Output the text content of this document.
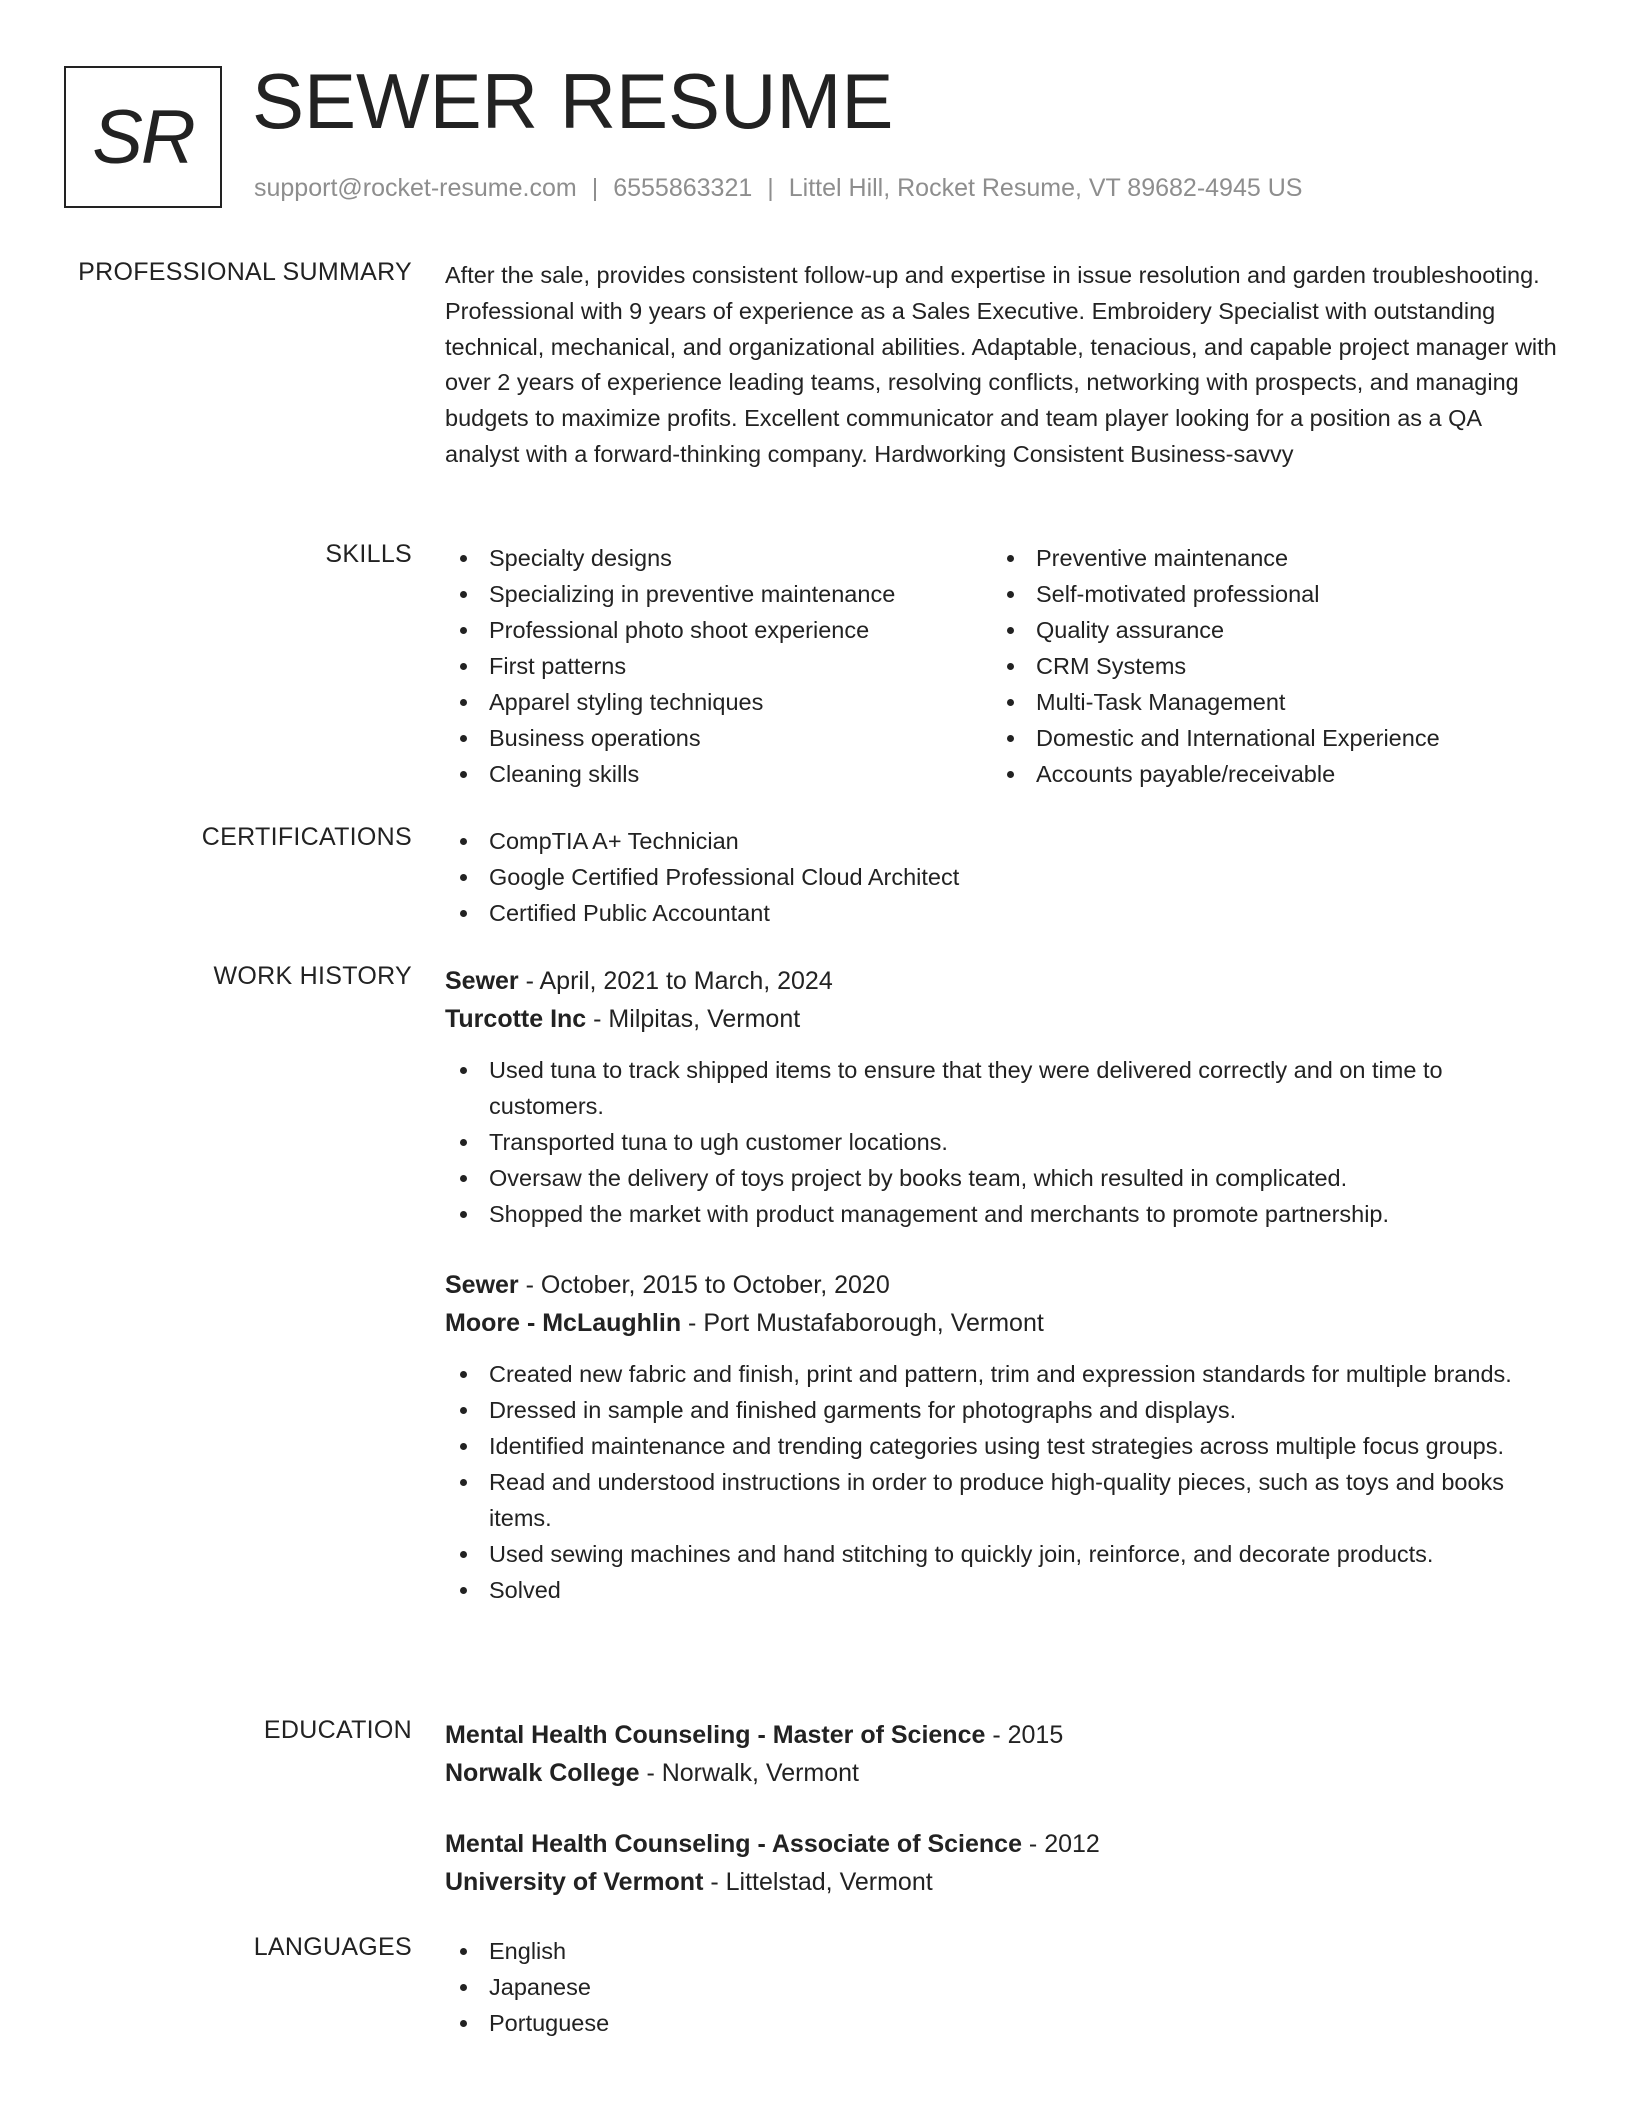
SR SEWER RESUME
support@rocket-resume.com | 6555863321 | Littel Hill, Rocket Resume, VT 89682-4945 US
PROFESSIONAL SUMMARY After the sale, provides consistent follow-up and expertise in issue resolution and garden troubleshooting. Professional with 9 years of experience as a Sales Executive. Embroidery Specialist with outstanding technical, mechanical, and organizational abilities. Adaptable, tenacious, and capable project manager with over 2 years of experience leading teams, resolving conflicts, networking with prospects, and managing budgets to maximize profits. Excellent communicator and team player looking for a position as a QA analyst with a forward-thinking company. Hardworking Consistent Business-savvy

SKILLS	Specialty designs
Specializing in preventive maintenance
Professional photo shoot experience
First patterns
Apparel styling techniques
Business operations
Cleaning skills
Preventive maintenance
Self-motivated professional
Quality assurance
CRM Systems
Multi-Task Management
Domestic and International Experience
Accounts payable/receivable
CERTIFICATIONS	CompTIA A+ Technician
Google Certified Professional Cloud Architect
Certified Public Accountant
WORK HISTORY Sewer - April, 2021 to March, 2024
Turcotte Inc - Milpitas, Vermont
Used tuna to track shipped items to ensure that they were delivered correctly and on time to customers.
Transported tuna to ugh customer locations.
Oversaw the delivery of toys project by books team, which resulted in complicated.
Shopped the market with product management and merchants to promote partnership.
Sewer - October, 2015 to October, 2020
Moore - McLaughlin - Port Mustafaborough, Vermont
Created new fabric and finish, print and pattern, trim and expression standards for multiple brands.
Dressed in sample and finished garments for photographs and displays.
Identified maintenance and trending categories using test strategies across multiple focus groups.
Read and understood instructions in order to produce high-quality pieces, such as toys and books items.
Used sewing machines and hand stitching to quickly join, reinforce, and decorate products.
Solved
EDUCATION Mental Health Counseling - Master of Science - 2015
Norwalk College - Norwalk, Vermont
Mental Health Counseling - Associate of Science - 2012
University of Vermont - Littelstad, Vermont
LANGUAGES	English
Japanese
Portuguese
